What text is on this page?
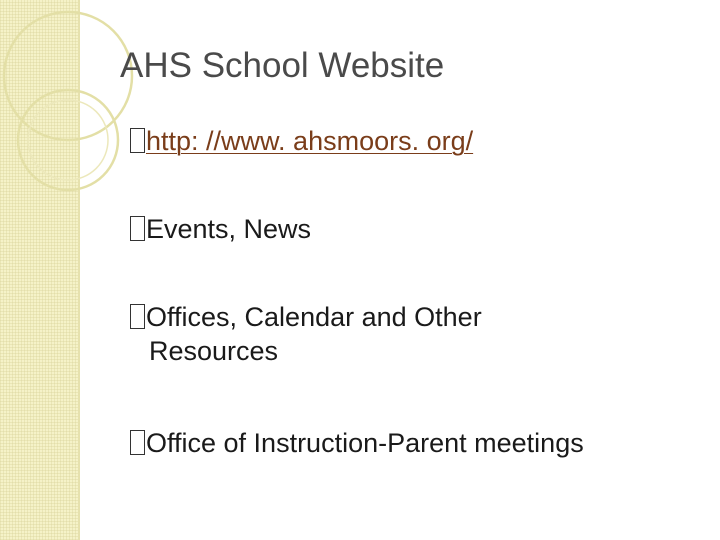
AHS School Website
http: //www. ahsmoors. org/
Events, News
Offices, Calendar and Other
Resources
Office of Instruction-Parent meetings
